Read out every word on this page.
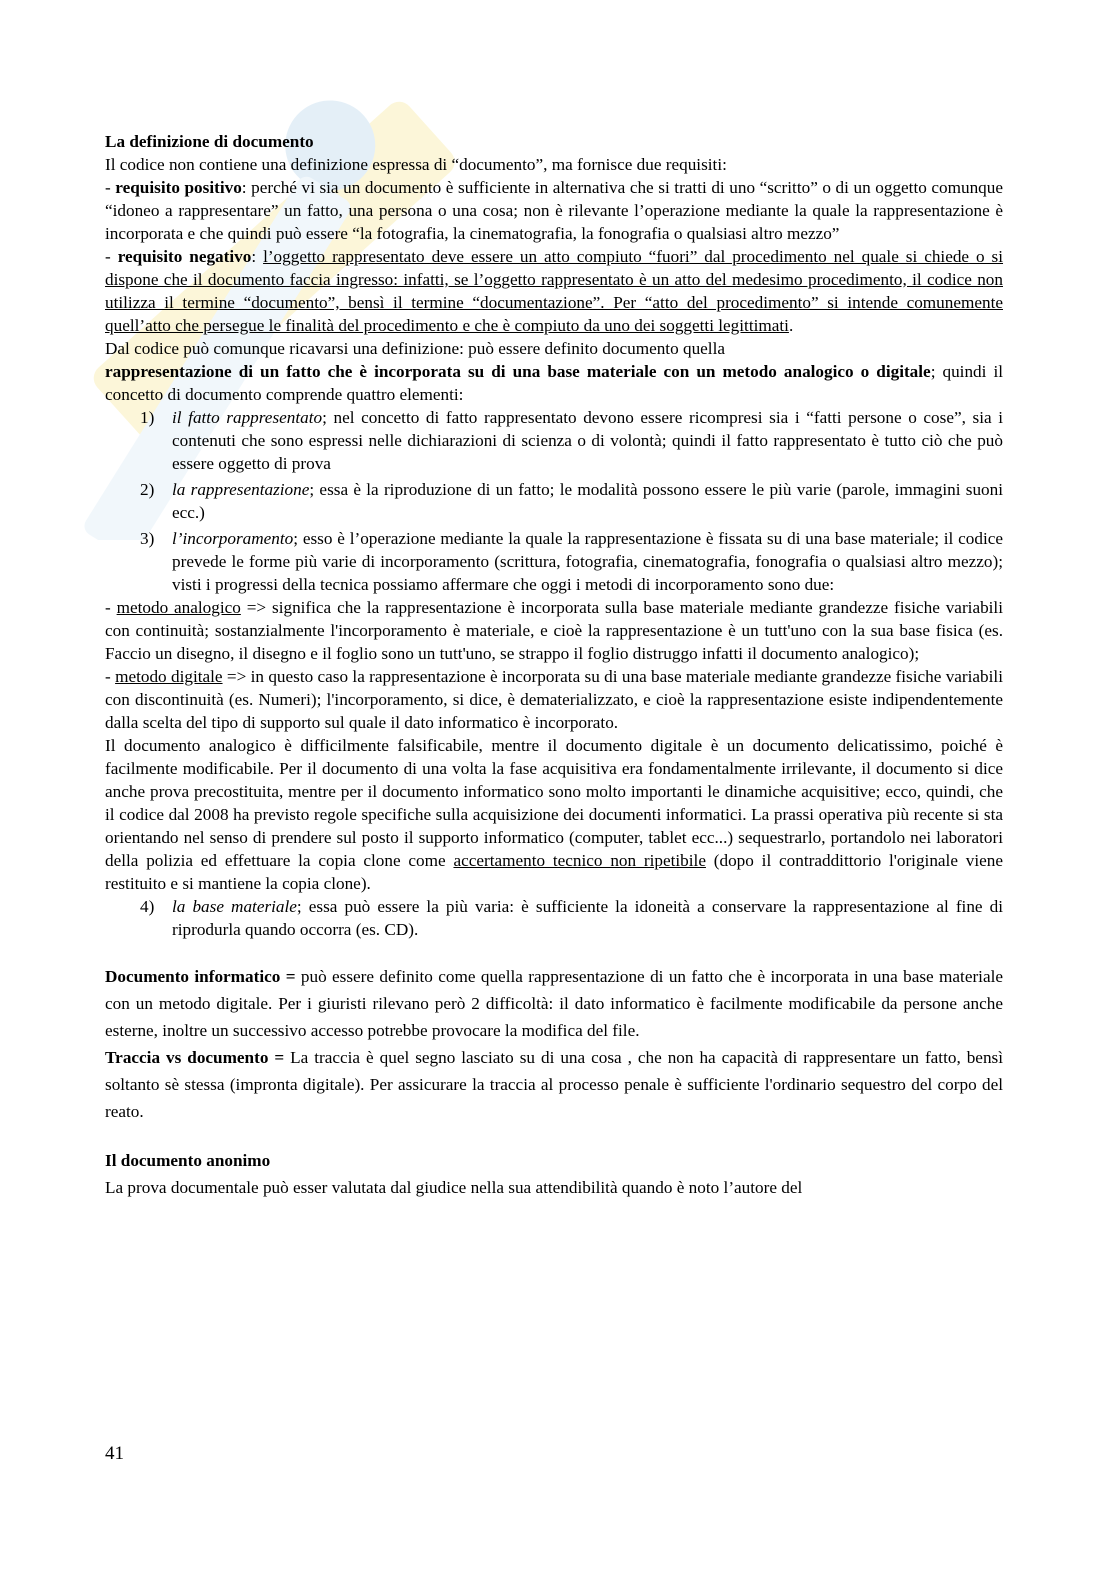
La definizione di documento

Il codice non contiene una definizione espressa di “documento”, ma fornisce due requisiti:

- requisito positivo: perché vi sia un documento è sufficiente in alternativa che si tratti di uno “scritto” o di un oggetto comunque “idoneo a rappresentare” un fatto, una persona o una cosa; non è rilevante l’operazione mediante la quale la rappresentazione è incorporata e che quindi può essere “la fotografia, la cinematografia, la fonografia o qualsiasi altro mezzo”

- requisito negativo: l’oggetto rappresentato deve essere un atto compiuto “fuori” dal procedimento nel quale si chiede o si dispone che il documento faccia ingresso: infatti, se l’oggetto rappresentato è un atto del medesimo procedimento, il codice non utilizza il termine “documento”, bensì il termine “documentazione”. Per “atto del procedimento” si intende comunemente quell’atto che persegue le finalità del procedimento e che è compiuto da uno dei soggetti legittimati.

Dal codice può comunque ricavarsi una definizione: può essere definito documento quella

rappresentazione di un fatto che è incorporata su di una base materiale con un metodo analogico o digitale; quindi il concetto di documento comprende quattro elementi:

1) il fatto rappresentato; nel concetto di fatto rappresentato devono essere ricompresi sia i “fatti persone o cose”, sia i contenuti che sono espressi nelle dichiarazioni di scienza o di volontà; quindi il fatto rappresentato è tutto ciò che può essere oggetto di prova
2) la rappresentazione; essa è la riproduzione di un fatto; le modalità possono essere le più varie (parole, immagini suoni ecc.)
3) l’incorporamento; esso è l’operazione mediante la quale la rappresentazione è fissata su di una base materiale; il codice prevede le forme più varie di incorporamento (scrittura, fotografia, cinematografia, fonografia o qualsiasi altro mezzo); visti i progressi della tecnica possiamo affermare che oggi i metodi di incorporamento sono due:

- metodo analogico => significa che la rappresentazione è incorporata sulla base materiale mediante grandezze fisiche variabili con continuità; sostanzialmente l'incorporamento è materiale, e cioè la rappresentazione è un tutt'uno con la sua base fisica (es. Faccio un disegno, il disegno e il foglio sono un tutt'uno, se strappo il foglio distruggo infatti il documento analogico);

- metodo digitale => in questo caso la rappresentazione è incorporata su di una base materiale mediante grandezze fisiche variabili con discontinuità (es. Numeri); l'incorporamento, si dice, è dematerializzato, e cioè la rappresentazione esiste indipendentemente dalla scelta del tipo di supporto sul quale il dato informatico è incorporato.

Il documento analogico è difficilmente falsificabile, mentre il documento digitale è un documento delicatissimo, poiché è facilmente modificabile. Per il documento di una volta la fase acquisitiva era fondamentalmente irrilevante, il documento si dice anche prova precostituita, mentre per il documento informatico sono molto importanti le dinamiche acquisitive; ecco, quindi, che il codice dal 2008 ha previsto regole specifiche sulla acquisizione dei documenti informatici. La prassi operativa più recente si sta orientando nel senso di prendere sul posto il supporto informatico (computer, tablet ecc...) sequestrarlo, portandolo nei laboratori della polizia ed effettuare la copia clone come accertamento tecnico non ripetibile (dopo il contraddittorio l'originale viene restituito e si mantiene la copia clone).

4) la base materiale; essa può essere la più varia: è sufficiente la idoneità a conservare la rappresentazione al fine di riprodurla quando occorra (es. CD).

Documento informatico = può essere definito come quella rappresentazione di un fatto che è incorporata in una base materiale con un metodo digitale. Per i giuristi rilevano però 2 difficoltà: il dato informatico è facilmente modificabile da persone anche esterne, inoltre un successivo accesso potrebbe provocare la modifica del file.

Traccia vs documento = La traccia è quel segno lasciato su di una cosa , che non ha capacità di rappresentare un fatto, bensì soltanto sè stessa (impronta digitale). Per assicurare la traccia al processo penale è sufficiente l'ordinario sequestro del corpo del reato.

Il documento anonimo

La prova documentale può esser valutata dal giudice nella sua attendibilità quando è noto l’autore del

41
